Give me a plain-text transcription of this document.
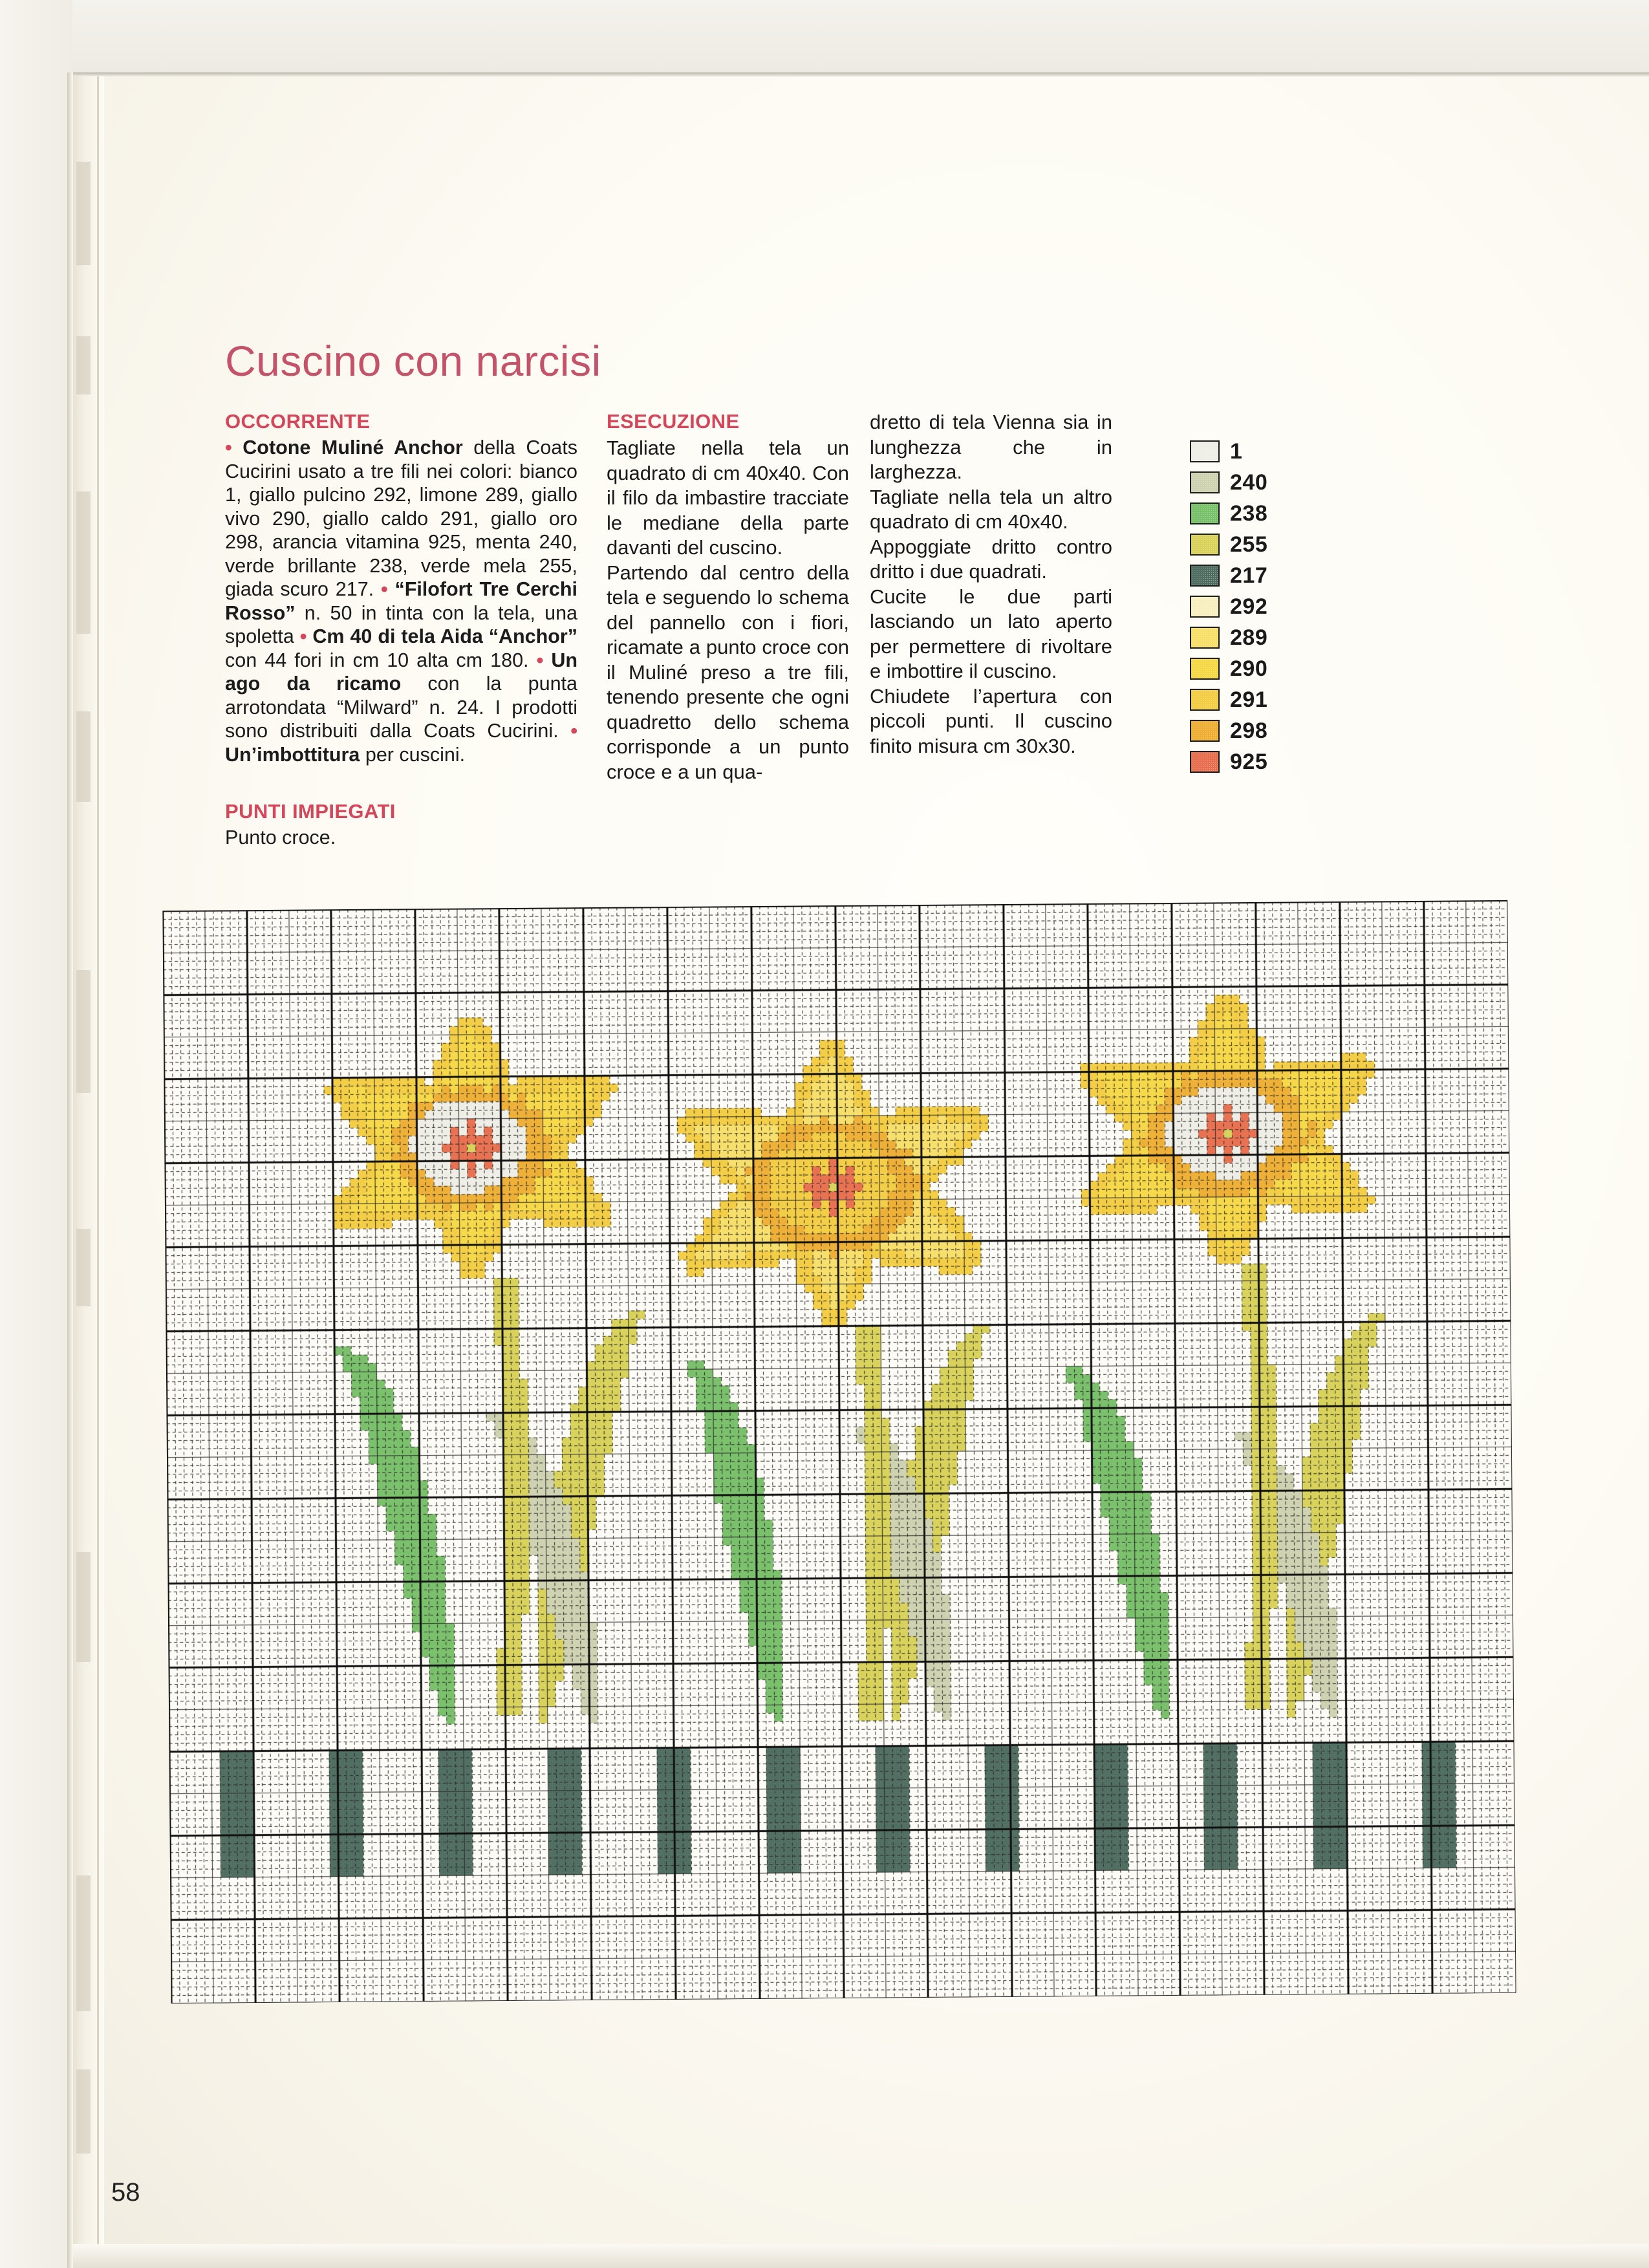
Cuscino con narcisi
OCCORRENTE
• Cotone Muliné Anchor della Coats Cucirini usato a tre fili nei colori: bianco 1, giallo pulcino 292, limone 289, giallo vivo 290, giallo caldo 291, giallo oro 298, arancia vitamina 925, menta 240, verde brillante 238, verde mela 255, giada scuro 217. • “Filofort Tre Cerchi Rosso” n. 50 in tinta con la tela, una spoletta • Cm 40 di tela Aida “Anchor” con 44 fori in cm 10 alta cm 180. • Un ago da ricamo con la punta arrotondata “Milward” n. 24. I prodotti sono distribuiti dalla Coats Cucirini. • Un’imbottitura per cuscini.
PUNTI IMPIEGATI
Punto croce.
ESECUZIONE

Tagliate nella tela un quadrato di cm 40x40. Con il filo da imbastire tracciate le mediane della parte davanti del cuscino.

Partendo dal centro della tela e seguendo lo schema del pannello con i fiori, ricamate a punto croce con il Muliné preso a tre fili, tenendo presente che ogni quadretto dello schema corrisponde a un punto croce e a un qua-

dretto di tela Vienna sia in lunghezza che in larghezza.

Tagliate nella tela un altro quadrato di cm 40x40.

Appoggiate dritto contro dritto i due quadrati.

Cucite le due parti lasciando un lato aperto per permettere di rivoltare e imbottire il cuscino.

Chiudete l’apertura con piccoli punti. Il cuscino finito misura cm 30x30.

1
240
238
255
217
292
289
290
291
298
925
58
